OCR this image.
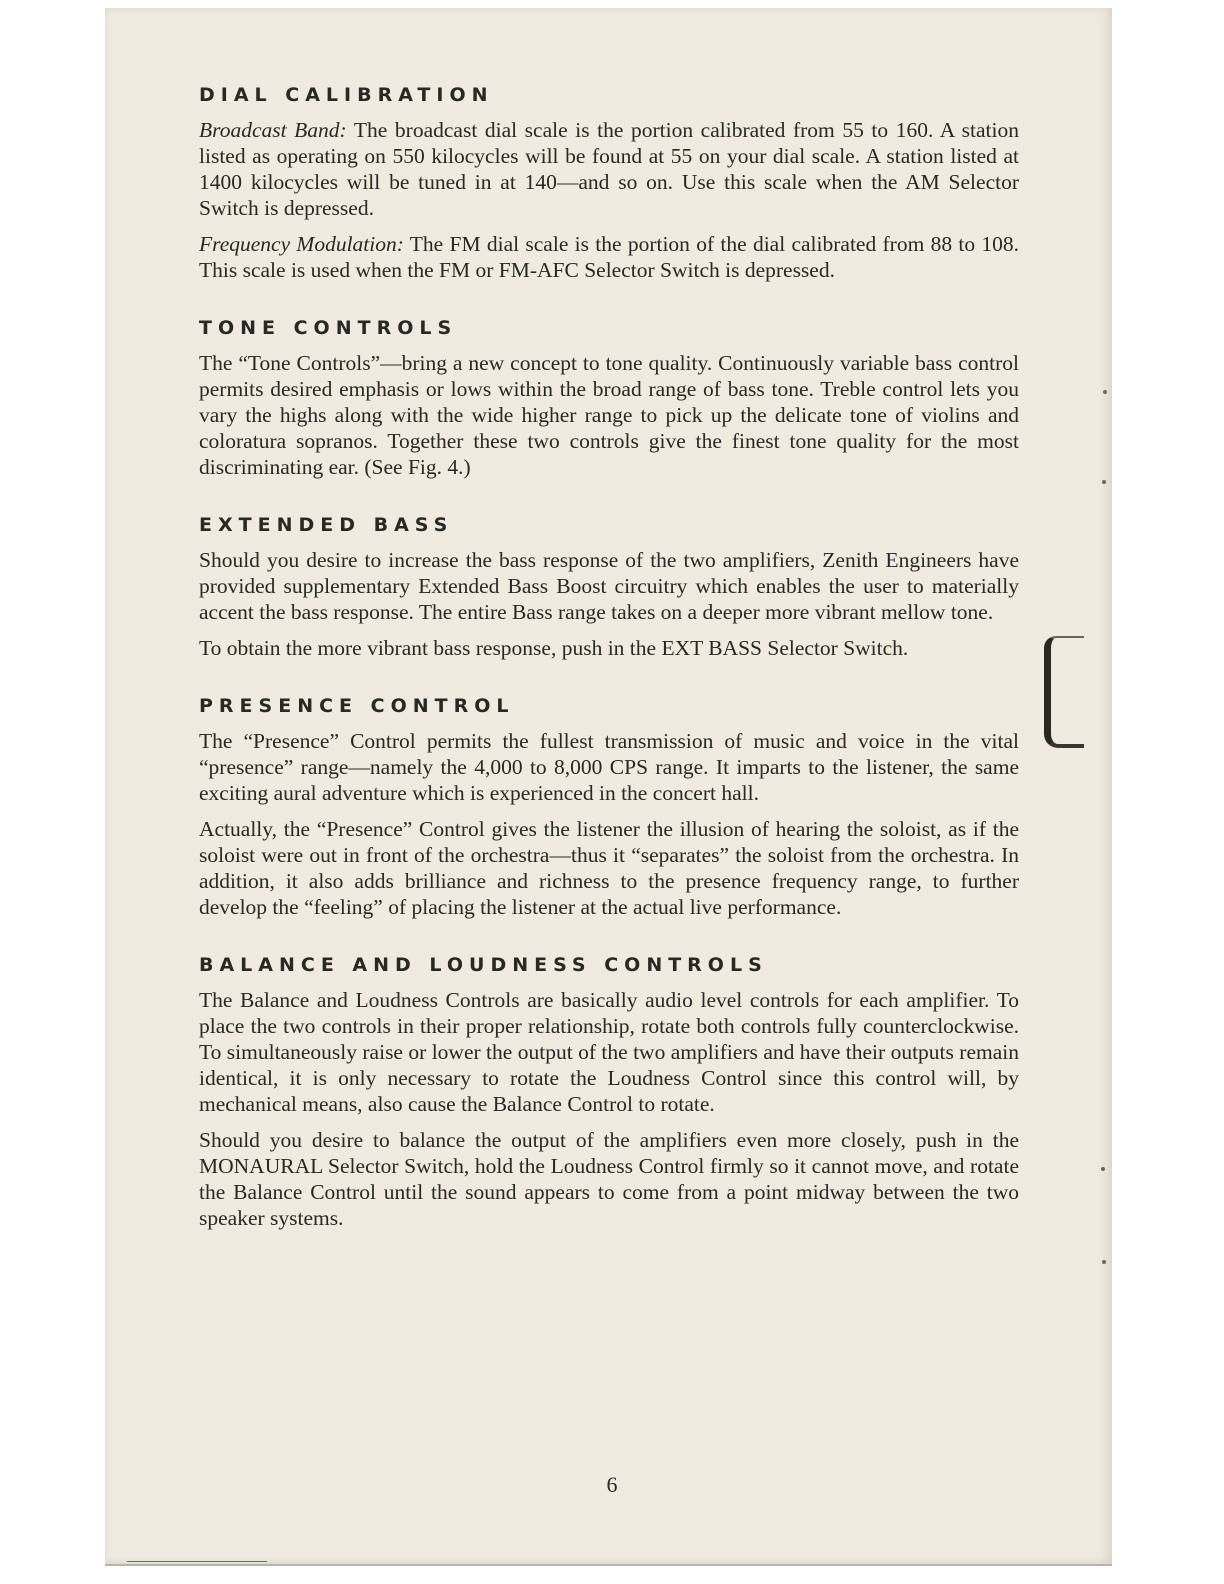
DIAL CALIBRATION

Broadcast Band: The broadcast dial scale is the portion calibrated from 55 to 160. A station listed as operating on 550 kilocycles will be found at 55 on your dial scale. A station listed at 1400 kilocycles will be tuned in at 140—and so on. Use this scale when the AM Selector Switch is depressed.

Frequency Modulation: The FM dial scale is the portion of the dial calibrated from 88 to 108. This scale is used when the FM or FM-AFC Selector Switch is depressed.

TONE CONTROLS

The “Tone Controls”—bring a new concept to tone quality. Continuously variable bass control permits desired emphasis or lows within the broad range of bass tone. Treble control lets you vary the highs along with the wide higher range to pick up the delicate tone of violins and coloratura sopranos. Together these two controls give the finest tone quality for the most discriminating ear. (See Fig. 4.)

EXTENDED BASS

Should you desire to increase the bass response of the two amplifiers, Zenith Engineers have provided supplementary Extended Bass Boost circuitry which enables the user to materially accent the bass response. The entire Bass range takes on a deeper more vibrant mellow tone.

To obtain the more vibrant bass response, push in the EXT BASS Selector Switch.

PRESENCE CONTROL

The “Presence” Control permits the fullest transmission of music and voice in the vital “presence” range—namely the 4,000 to 8,000 CPS range. It imparts to the listener, the same exciting aural adventure which is experienced in the concert hall.

Actually, the “Presence” Control gives the listener the illusion of hearing the soloist, as if the soloist were out in front of the orchestra—thus it “separates” the soloist from the orchestra. In addition, it also adds brilliance and richness to the presence frequency range, to further develop the “feeling” of placing the listener at the actual live performance.

BALANCE AND LOUDNESS CONTROLS

The Balance and Loudness Controls are basically audio level controls for each amplifier. To place the two controls in their proper relationship, rotate both controls fully counterclockwise. To simultaneously raise or lower the output of the two amplifiers and have their outputs remain identical, it is only necessary to rotate the Loudness Control since this control will, by mechanical means, also cause the Balance Control to rotate.

Should you desire to balance the output of the amplifiers even more closely, push in the MONAURAL Selector Switch, hold the Loudness Control firmly so it cannot move, and rotate the Balance Control until the sound appears to come from a point midway between the two speaker systems.

6
